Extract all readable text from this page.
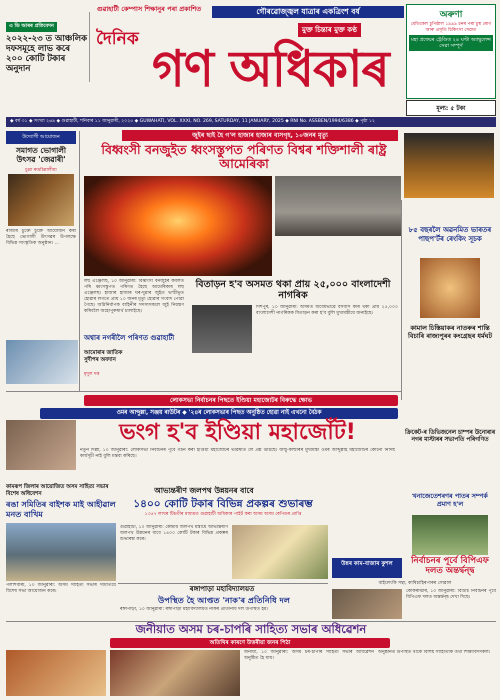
এ ডি আৰৰ প্ৰতিবেদন
২০২২-২৩ ত আঞ্চলিক দফসমূহে লাভ কৰে ২০০ কোটি টকাৰ অনুদান
গুৱাহাটী কেম্পাস শিক্ষানুৰ পৰা প্ৰকাশিত	গৌৰৱোজ্জ্বল যাত্ৰাৰ একত্ৰিংশ বৰ্ষ
দৈনিক গণ অধিকাৰ
মুক্ত চিন্তাৰ মুক্ত কণ্ঠ
অৰুণা
মেডিকেল চুপিষ্ঠাল ১৯৯৯ চনৰ পৰা চুস্থ ৰোগ আৰু প্ৰসূতি চিকিৎসা সেৱাত
মহা প্ৰফেচৰ ট্ৰেণ্ডিত ২৪ ঘণ্টা অ্যাম্বুলেন্স সেৱা সম্পূৰ্ণ
মূল্য: ৫ টকা
◆ বৰ্ষ ৩১ ◆ সংখ্যা ২৬৯ ◆ গুৱাহাটী, শনিবাৰ ১১ জানুৱাৰী, ২০২৫ ◆ GUWAHATI, VOL. XXXI, NO. 269, SATURDAY, 11 JANUARY, 2025 ◆ RNI No. ASSBEN/1994/6386 ◆ পৃষ্ঠা ১২
উদ্যোগী আয়োজন
সমাগত ভোগালী উৎসৱ 'জেৱাৰী'
চুপ্পা ৰুদ্ৰচিন্নালীয়া
ৰাজ্যৰ চুক্তে চুক্তে আয়োজন কৰা হৈছে ভোগালী উৎসৱৰ উপলক্ষে বিভিন্ন সাংস্কৃতিক অনুষ্ঠান। ...
জুইৰ ছাই হৈ গ'ল হাজাৰ হাজাৰ বাসগৃহ, ১০জনৰ মৃত্যু
বিধ্বংসী বনজুইত ধ্বংসস্তুপত পৰিণত বিশ্বৰ শক্তিশালী ৰাষ্ট্ৰ আমেৰিকা
লছ এঞ্জেলছ, ১০ জানুৱাৰী: বিধ্বংসী বনজুইৰ কবলত পৰি ধ্বংসস্তুপত পৰিণত হৈছে আমেৰিকাৰ লছ এঞ্জেলছ। হাজাৰ হাজাৰ ঘৰ-দুৱাৰ জুইত ভস্মীভূত হোৱাৰ লগতে প্ৰায় ১০ জনৰ মৃত্যু হোৱাৰ সংবাদ পোৱা গৈছে। অগ্নিনিৰ্বাপক বাহিনীৰ সদস্যসকলে জুই নিয়ন্ত্ৰণ কৰিবলৈ অহোপুৰুষাৰ্থ চালাইছে।
অশ্বাৰ নগৰীলৈ পৰিণত গুৱাহাটী
আমোৰাৰ জাতিক সুদীপৰ অবদান
মৃদুল দত্ত
বিতাড়ন হ'ব অসমত থকা প্ৰায় ২৫,০০০ বাংলাদেশী নাগৰিক
দিশপুৰ, ১০ জানুৱাৰী: অসমত অবৈধভাৱে বসবাস কৰি থকা প্ৰায় ২৫,০০০ বাংলাদেশী নাগৰিকক বিতাড়ন কৰা হ'ব বুলি মুখ্যমন্ত্ৰীয়ে জনাইছে।
৮৫ বছৰলৈ অৱনমিত ভাৰতৰ পাছপ'ৰ্টৰ ৰেংকিং সূচক
কামাল চিস্তিয়াকৰ নাতৰুৰ শান্তি বিচাৰি ৰাজ্যপুৰৰ কংগ্ৰেছৰ ধৰ্মঘট
লোকসভা নিৰ্বাচনৰ পিছতে ইণ্ডিয়া মহাজোটৰ বিৰুদ্ধে ক্ষোভ
ওমৰ আব্দুল্লা, সঞ্জয় ৰাউটৰ ◆ '২৪ৰ লোকসভাৰ পিছত অনুষ্ঠিত হোৱা নাই এখনো বৈঠক
ভংগ হ'ব ইণ্ডিয়া মহাজোঁট!
নতুন দিল্লী, ১০ জানুৱাৰী: লোকসভা নিৰ্বাচনৰ পূৰ্বে গঠন কৰা ইণ্ডিয়া মহাজোটৰ ভৱিষ্যত লৈ প্ৰশ্ন উঠিছে। জম্মু-কাশ্মীৰৰ মুখ্যমন্ত্ৰী ওমৰ আব্দুল্লাই মহাজোটৰ কোনো নিৰ্দিষ্ট কাৰ্যসূচী নাই বুলি মন্তব্য কৰিছে।
কামৰূপ জিলাৰ আয়োজিত অসম সাহিত্য সভাৰ বিশেষ অধিবেশন
ৰঙা সমিতিৰ বাইশক মাই আহীৱাল মনত বাখিম
পলাশবাৰী, ১০ জানুৱাৰী: অসম সাহিত্য সভাৰ সমিতিয়ে বিশেষ সভা আয়োজন কৰে।
আভ্যন্তৰীণ জলপথ উন্নয়নৰ বাবে
১৪০০ কোটি টকাৰ বিভিন্ন প্ৰকল্পৰ শুভাৰম্ভ
১৩৫৭ লাখৰ টিচতীৰ মাধ্যমত গুৱাহাটী অধিকাৰ পাইট কৰা অসম অসম ৰেপিডৰ প্ৰাপ্তি
গুৱাহাটী, ১০ জানুৱাৰী: কেন্দ্ৰীয় জলপথ মন্ত্ৰীয়ে আভ্যন্তৰীণ জলপথ উন্নয়নৰ বাবে ১৪০০ কোটি টকাৰ বিভিন্ন প্ৰকল্পৰ শুভাৰম্ভ কৰে।
ক্ৰিকেট-ৰ ডিভিজনেল চাম্পৰ উনোৰাৰ নগৰ মাস্টাৰৰ সভাপতি পৰিগণিত
খনাজেতেশৰণৰ পাতৰ সম্পৰ্ক প্ৰমাণ হ'ল
ৰঙ্গাপাড়া মহাবিদ্যালয়ত
উপস্থিত হৈ আপ্তত 'নাক'ৰ প্ৰতিনিধি দল
ৰঙ্গাপাড়া, ১০ জানুৱাৰী: ৰঙ্গাপাড়া মহাবিদ্যালয়ত নাকৰ প্ৰতিনিধি দল উপস্থিত হয়।
উন্নৰ কাম-বাজাৰ কুশল	নিৰ্বাচনৰ পূৰ্বে বিপিএফ দলত অন্তৰ্দ্বন্দ্ব
বাইলেংকি সন্থা, কাষিচাহিৰপাৰৰ সোৱাল
কোকৰাঝাৰ, ১০ জানুৱাৰী: বিটিচি নিৰ্বাচনৰ পূৰ্বে বিপিএফ দলত অন্তৰ্দ্বন্দ্ব দেখা দিছে।
জনীয়াত অসম চৰ-চাপৰি সাহিত্য সভাৰ অধিৱেশন
অতিথিৰ কাৰণে উত্তৰীয়া জনৰ পিঠা
জনীয়া, ১০ জানুৱাৰী: অসম চৰ-চাপৰি সাহিত্য সভাৰ অধিৱেশন অনুষ্ঠিত হৈ যায়।
অনুষ্ঠানত উপস্থিত থাকে বিশিষ্ট সাহিত্যিক তথা শিক্ষাবিদসকল।
